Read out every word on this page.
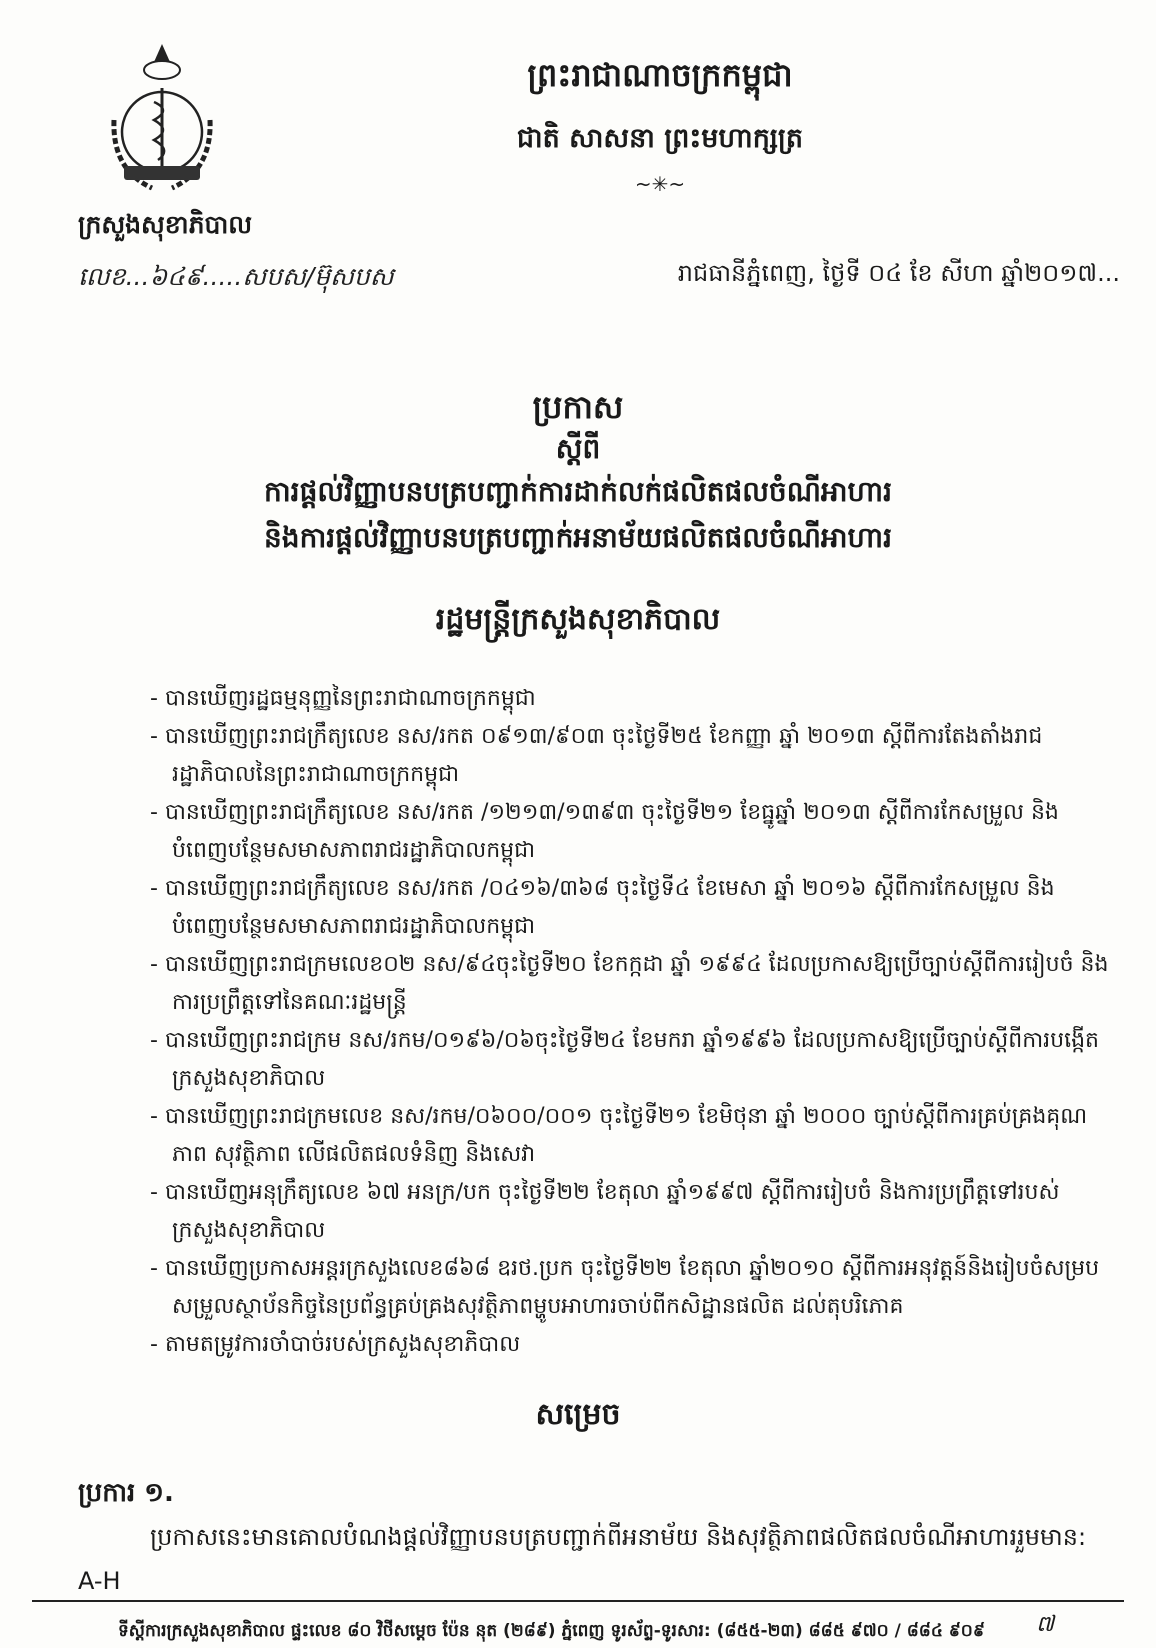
ក្រសួងសុខាភិបាល
លេខ...៦៤៩.....សបស/ម៊ុសបស
ព្រះរាជាណាចក្រកម្ពុជា
ជាតិ សាសនា ព្រះមហាក្សត្រ
~✳~
រាជធានីភ្នំពេញ, ថ្ងៃទី ០៤ ខែ សីហា ឆ្នាំ២០១៧...
ប្រកាស
ស្តីពី
ការផ្តល់វិញ្ញាបនបត្របញ្ជាក់ការដាក់លក់ផលិតផលចំណីអាហារ
និងការផ្តល់វិញ្ញាបនបត្របញ្ជាក់អនាម័យផលិតផលចំណីអាហារ
រដ្ឋមន្ត្រីក្រសួងសុខាភិបាល
- បានឃើញរដ្ឋធម្មនុញ្ញនៃព្រះរាជាណាចក្រកម្ពុជា
- បានឃើញព្រះរាជក្រឹត្យលេខ នស/រកត ០៩១៣/៩០៣ ចុះថ្ងៃទី២៥ ខែកញ្ញា ឆ្នាំ ២០១៣ ស្តីពីការតែងតាំងរាជរដ្ឋាភិបាលនៃព្រះរាជាណាចក្រកម្ពុជា
- បានឃើញព្រះរាជក្រឹត្យលេខ នស/រកត /១២១៣/១៣៩៣ ចុះថ្ងៃទី២១ ខែធ្នូឆ្នាំ ២០១៣ ស្តីពីការកែសម្រួល និងបំពេញបន្ថែមសមាសភាពរាជរដ្ឋាភិបាលកម្ពុជា
- បានឃើញព្រះរាជក្រឹត្យលេខ នស/រកត /០៤១៦/៣៦៨ ចុះថ្ងៃទី៤ ខែមេសា ឆ្នាំ ២០១៦ ស្តីពីការកែសម្រួល និងបំពេញបន្ថែមសមាសភាពរាជរដ្ឋាភិបាលកម្ពុជា
- បានឃើញព្រះរាជក្រមលេខ០២ នស/៩៤ចុះថ្ងៃទី២០ ខែកក្កដា ឆ្នាំ ១៩៩៤ ដែលប្រកាសឱ្យប្រើច្បាប់ស្តីពីការរៀបចំ និងការប្រព្រឹត្តទៅនៃគណៈរដ្ឋមន្ត្រី
- បានឃើញព្រះរាជក្រម នស/រកម/០១៩៦/០៦ចុះថ្ងៃទី២៤ ខែមករា ឆ្នាំ១៩៩៦ ដែលប្រកាសឱ្យប្រើច្បាប់ស្តីពីការបង្កើតក្រសួងសុខាភិបាល
- បានឃើញព្រះរាជក្រមលេខ នស/រកម/០៦០០/០០១ ចុះថ្ងៃទី២១ ខែមិថុនា ឆ្នាំ ២០០០ ច្បាប់ស្តីពីការគ្រប់គ្រងគុណភាព សុវត្ថិភាព លើផលិតផលទំនិញ និងសេវា
- បានឃើញអនុក្រឹត្យលេខ ៦៧ អនក្រ/បក ចុះថ្ងៃទី២២ ខែតុលា ឆ្នាំ១៩៩៧ ស្តីពីការរៀបចំ និងការប្រព្រឹត្តទៅរបស់ក្រសួងសុខាភិបាល
- បានឃើញប្រកាសអន្តរក្រសួងលេខ៨៦៨ ឧរថ.ប្រក ចុះថ្ងៃទី២២ ខែតុលា ឆ្នាំ២០១០ ស្តីពីការអនុវត្តន៍និងរៀបចំសម្របសម្រួលស្ថាប័នកិច្ចនៃប្រព័ន្ធគ្រប់គ្រងសុវត្ថិភាពម្ហូបអាហារចាប់ពីកសិដ្ឋានផលិត ដល់តុបរិភោគ
- តាមតម្រូវការចាំបាច់របស់ក្រសួងសុខាភិបាល
សម្រេច
ប្រការ ១.
ប្រកាសនេះមានគោលបំណងផ្តល់វិញ្ញាបនបត្របញ្ជាក់ពីអនាម័យ និងសុវត្ថិភាពផលិតផលចំណីអាហាររួមមាន: A-H
ទីស្តីការក្រសួងសុខាភិបាល ផ្ទះលេខ ៨០ វិថីសម្តេច ប៉ែន នុត (២៨៩) ភ្នំពេញ ទូរស័ព្ទ-ទូរសារ: (៨៥៥-២៣) ៨៨៥ ៩៧០ / ៨៨៤ ៩០៩ ៧
